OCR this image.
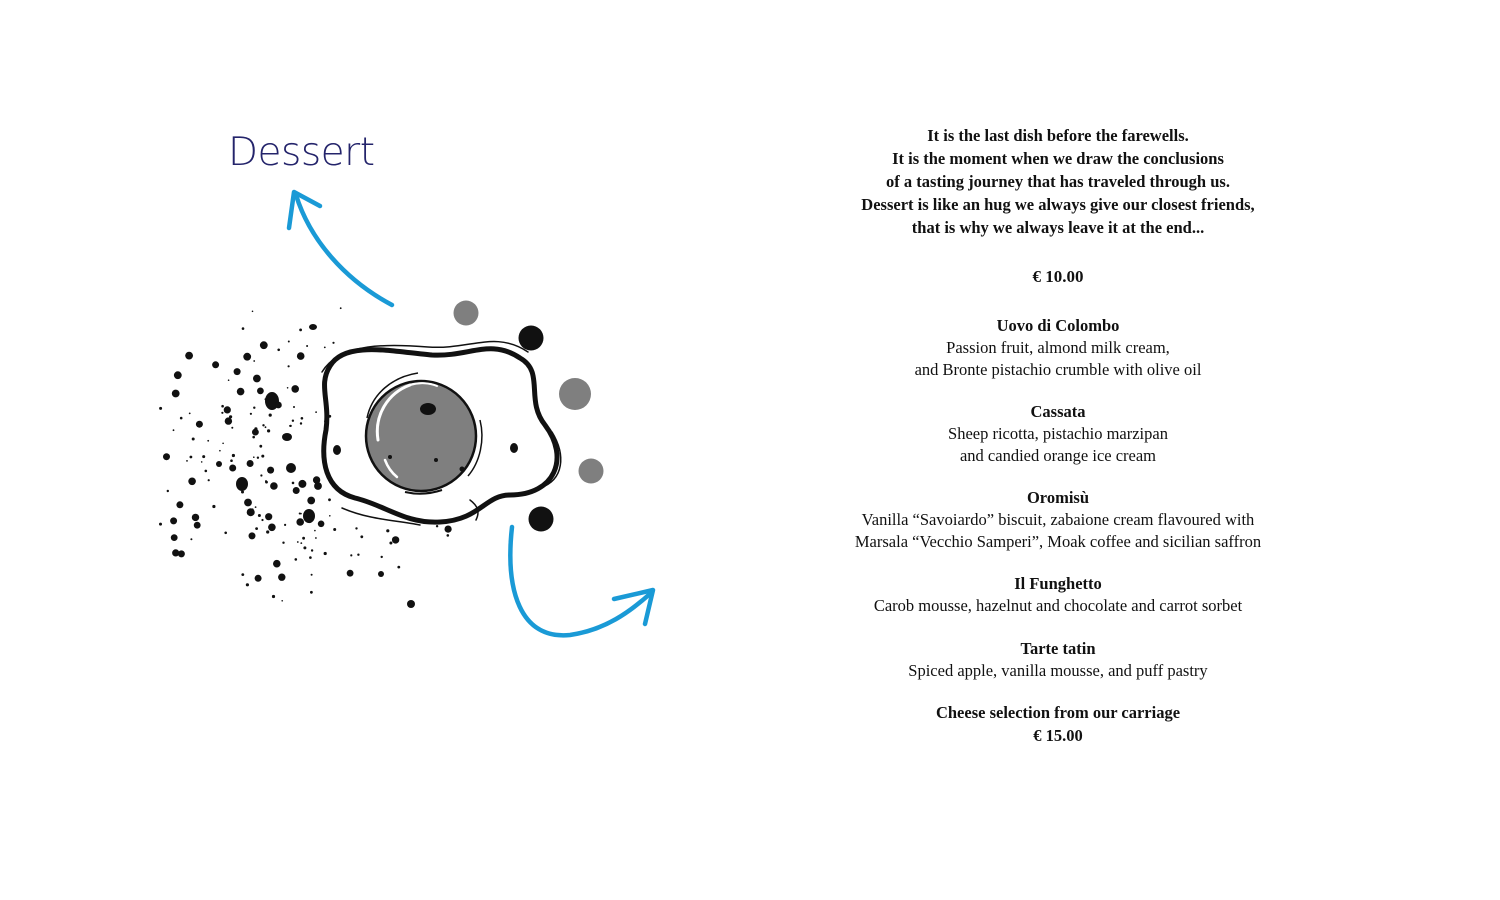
Dessert	It is the last dish before the farewells.
It is the moment when we draw the conclusions
of a tasting journey that has traveled through us.
Dessert is like an hug we always give our closest friends,
that is why we always leave it at the end...
€ 10.00
Uovo di Colombo
Passion fruit, almond milk cream,
and Bronte pistachio crumble with olive oil
Cassata
Sheep ricotta, pistachio marzipan
and candied orange ice cream
Oromisù
Vanilla “Savoiardo” biscuit, zabaione cream flavoured with
Marsala “Vecchio Samperi”, Moak coffee and sicilian saffron
Il Funghetto
Carob mousse, hazelnut and chocolate and carrot sorbet
Tarte tatin
Spiced apple, vanilla mousse, and puff pastry
Cheese selection from our carriage
€ 15.00
